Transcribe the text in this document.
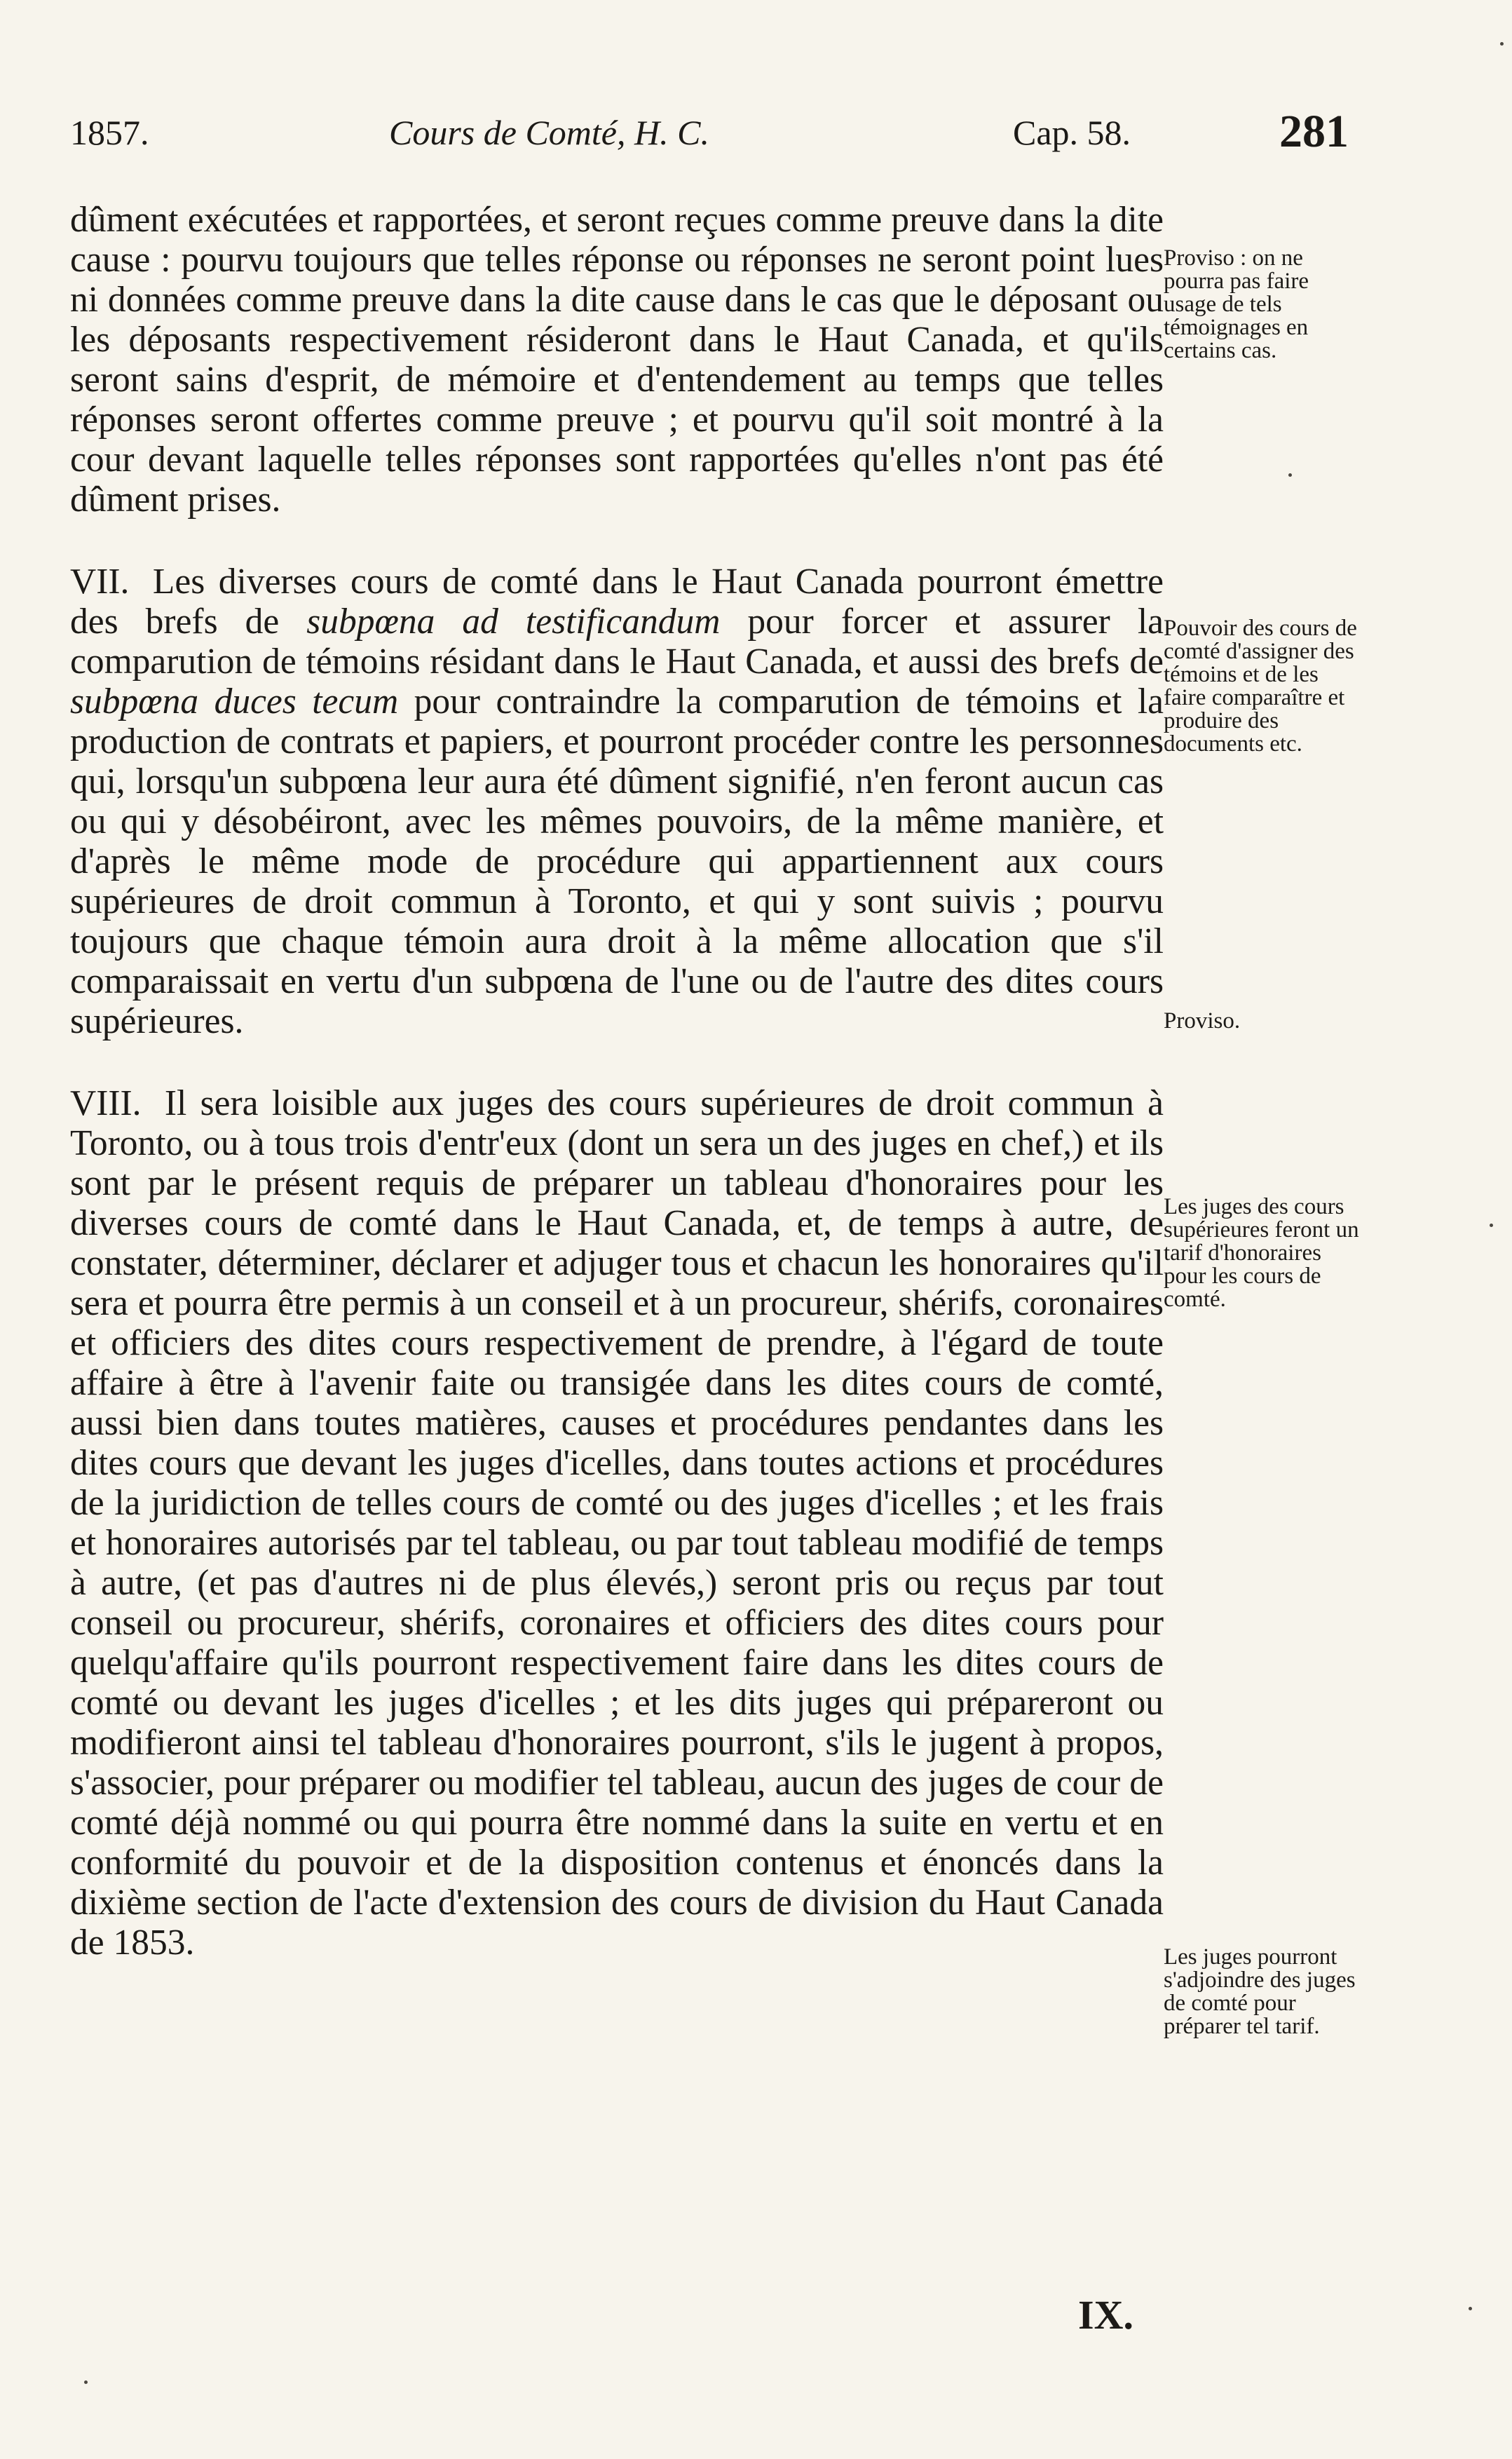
1857.	Cours de Comté, H. C.	Cap. 58.	281

dûment exécutées et rapportées, et seront reçues comme preuve dans la dite cause : pourvu toujours que telles réponse ou réponses ne seront point lues ni données comme preuve dans la dite cause dans le cas que le déposant ou les déposants respectivement résideront dans le Haut Canada, et qu'ils seront sains d'esprit, de mémoire et d'entendement au temps que telles réponses seront offertes comme preuve ; et pourvu qu'il soit montré à la cour devant laquelle telles réponses sont rapportées qu'elles n'ont pas été dûment prises.

VII. Les diverses cours de comté dans le Haut Canada pourront émettre des brefs de subpœna ad testificandum pour forcer et assurer la comparution de témoins résidant dans le Haut Canada, et aussi des brefs de subpœna duces tecum pour contraindre la comparution de témoins et la production de contrats et papiers, et pourront procéder contre les personnes qui, lorsqu'un subpœna leur aura été dûment signifié, n'en feront aucun cas ou qui y désobéiront, avec les mêmes pouvoirs, de la même manière, et d'après le même mode de procédure qui appartiennent aux cours supérieures de droit commun à Toronto, et qui y sont suivis ; pourvu toujours que chaque témoin aura droit à la même allocation que s'il comparaissait en vertu d'un subpœna de l'une ou de l'autre des dites cours supérieures.

VIII. Il sera loisible aux juges des cours supérieures de droit commun à Toronto, ou à tous trois d'entr'eux (dont un sera un des juges en chef,) et ils sont par le présent requis de préparer un tableau d'honoraires pour les diverses cours de comté dans le Haut Canada, et, de temps à autre, de constater, déterminer, déclarer et adjuger tous et chacun les honoraires qu'il sera et pourra être permis à un conseil et à un procureur, shérifs, coronaires et officiers des dites cours respectivement de prendre, à l'égard de toute affaire à être à l'avenir faite ou transigée dans les dites cours de comté, aussi bien dans toutes matières, causes et procédures pendantes dans les dites cours que devant les juges d'icelles, dans toutes actions et procédures de la juridiction de telles cours de comté ou des juges d'icelles ; et les frais et honoraires autorisés par tel tableau, ou par tout tableau modifié de temps à autre, (et pas d'autres ni de plus élevés,) seront pris ou reçus par tout conseil ou procureur, shérifs, coronaires et officiers des dites cours pour quelqu'affaire qu'ils pourront respectivement faire dans les dites cours de comté ou devant les juges d'icelles ; et les dits juges qui prépareront ou modifieront ainsi tel tableau d'honoraires pourront, s'ils le jugent à propos, s'associer, pour préparer ou modifier tel tableau, aucun des juges de cour de comté déjà nommé ou qui pourra être nommé dans la suite en vertu et en conformité du pouvoir et de la disposition contenus et énoncés dans la dixième section de l'acte d'extension des cours de division du Haut Canada de 1853.

Proviso : on ne pourra pas faire usage de tels témoignages en certains cas.
Pouvoir des cours de comté d'assigner des témoins et de les faire comparaître et produire des documents etc.
Proviso.
Les juges des cours supérieures feront un tarif d'honoraires pour les cours de comté.
Les juges pourront s'adjoindre des juges de comté pour préparer tel tarif.
IX.
